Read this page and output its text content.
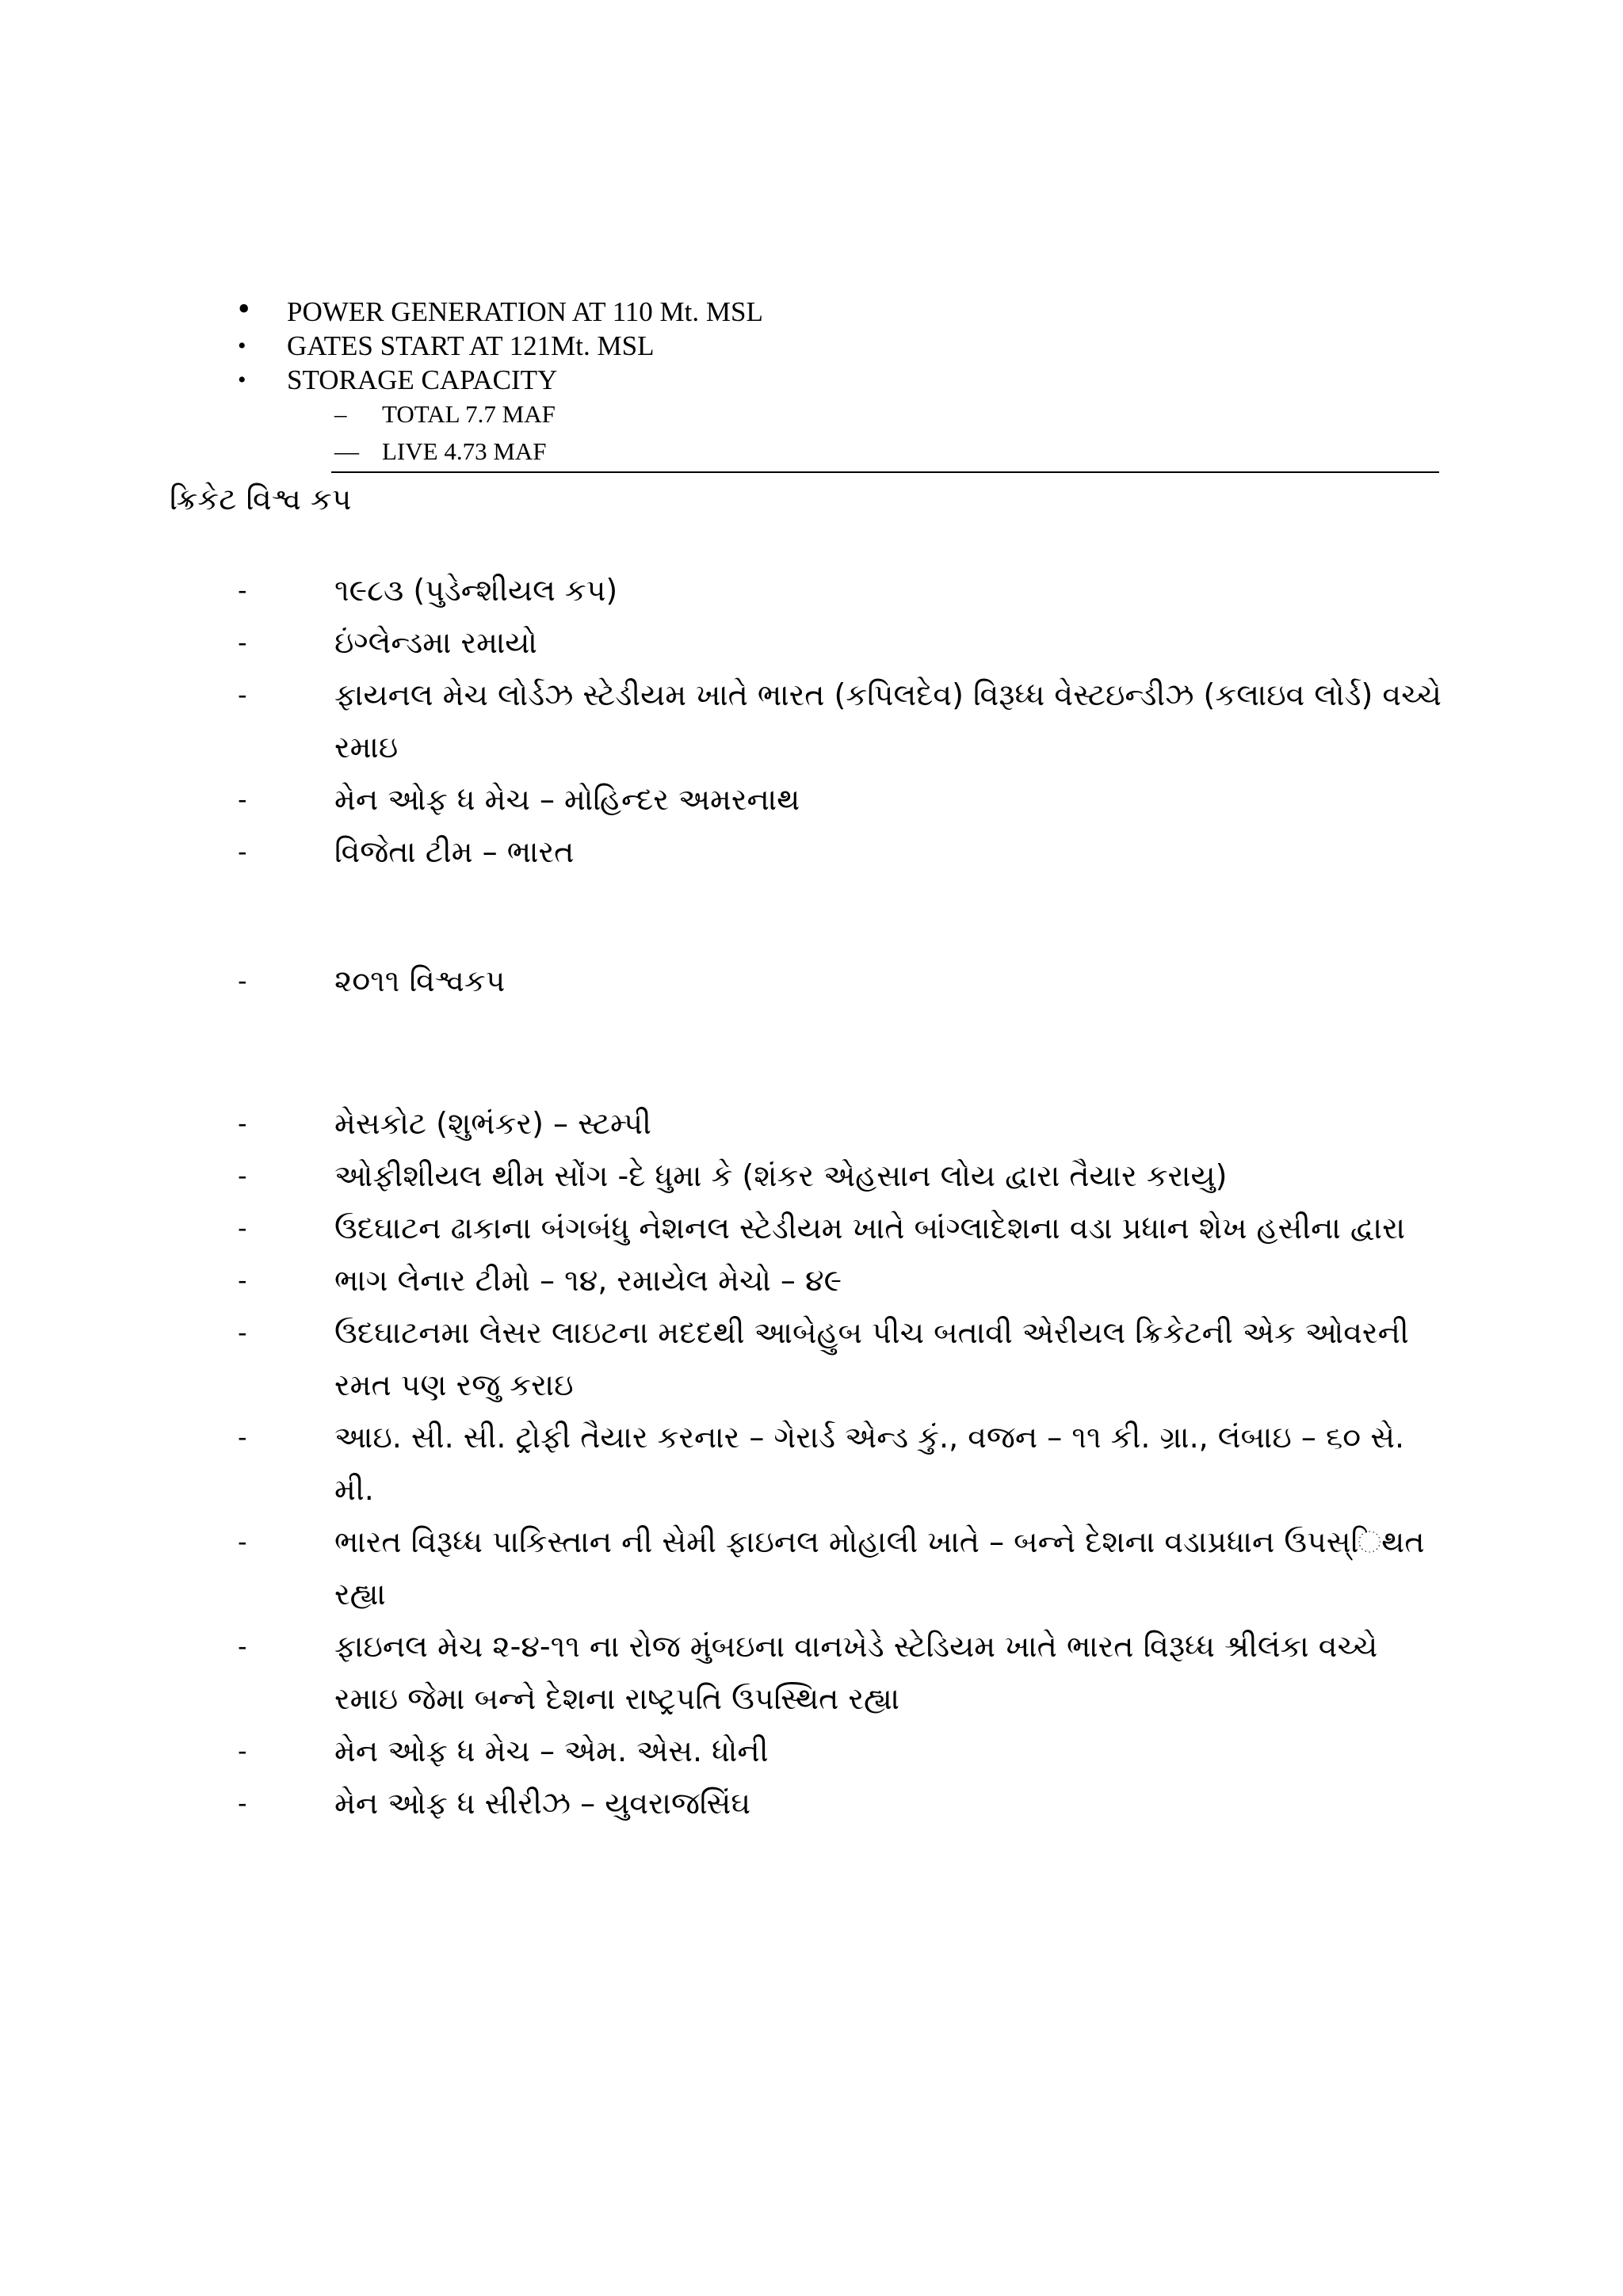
• POWER GENERATION AT 110 Mt. MSL
• GATES START AT 121Mt. MSL
• STORAGE CAPACITY
– TOTAL 7.7 MAF
— LIVE 4.73 MAF
ક્રિકેટ વિશ્વ કપ
-	૧૯૮૩ (પુડેન્શીયલ કપ)
-	ઇંગ્લેન્ડમા રમાયો
-	ફાયનલ મેચ લોર્ડઝ સ્ટેડીયમ ખાતે ભારત (કપિલદેવ) વિરૂધ્ધ વેસ્ટઇન્ડીઝ (કલાઇવ લોર્ડ) વચ્ચે રમાઇ
-	મેન ઓફ ધ મેચ – મોહિન્દર અમરનાથ
-	વિજેતા ટીમ – ભારત
-	૨૦૧૧ વિશ્વકપ
-	મેસકોટ (શુભંકર) – સ્ટમ્પી
-	ઓફીશીયલ થીમ સોંગ -દે ધુમા કે (શંકર એહસાન લોય દ્વારા તૈયાર કરાયુ)
-	ઉદઘાટન ઢાકાના બંગબંધુ નેશનલ સ્ટેડીયમ ખાતે બાંગ્લાદેશના વડા પ્રધાન શેખ હસીના દ્વારા
-	ભાગ લેનાર ટીમો – ૧૪, રમાયેલ મેચો – ૪૯
-	ઉદઘાટનમા લેસર લાઇટના મદદથી આબેહુબ પીચ બતાવી એરીયલ ક્રિકેટની એક ઓવરની રમત પણ રજુ કરાઇ
-	આઇ. સી. સી. ટ્રોફી તૈયાર કરનાર – ગેરાર્ડ એન્ડ કું., વજન – ૧૧ કી. ગ્રા., લંબાઇ – ૬૦ સે. મી.
-	ભારત વિરૂધ્ધ પાકિસ્તાન ની સેમી ફાઇનલ મોહાલી ખાતે – બન્ને દેશના વડાપ્રધાન ઉપસ્િથત રહ્યા
-	ફાઇનલ મેચ ૨-૪-૧૧ ના રોજ મુંબઇના વાનખેડે સ્ટેડિયમ ખાતે ભારત વિરૂધ્ધ શ્રીલંકા વચ્ચે રમાઇ જેમા બન્ને દેશના રાષ્ટ્રપતિ ઉપસ્થિત રહ્યા
-	મેન ઓફ ધ મેચ – એમ. એસ. ધોની
-	મેન ઓફ ધ સીરીઝ – યુવરાજસિંઘ
